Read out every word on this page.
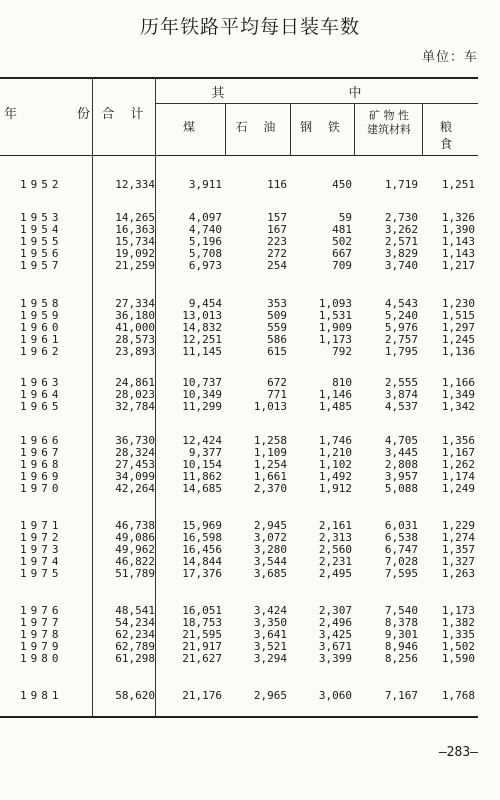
历年铁路平均每日装车数
单位：车
年	份 合 计
其 中
煤	石 油	钢 铁
矿 物 性
建筑材料	粮 食
1952	12,334	3,911	116	450	1,719	1,251
1953	14,265	4,097	157	59	2,730	1,326
1954	16,363	4,740	167	481	3,262	1,390
1955	15,734	5,196	223	502	2,571	1,143
1956	19,092	5,708	272	667	3,829	1,143
1957	21,259	6,973	254	709	3,740	1,217
1958	27,334	9,454	353	1,093	4,543	1,230
1959	36,180	13,013	509	1,531	5,240	1,515
1960	41,000	14,832	559	1,909	5,976	1,297
1961	28,573	12,251	586	1,173	2,757	1,245
1962	23,893	11,145	615	792	1,795	1,136
1963	24,861	10,737	672	810	2,555	1,166
1964	28,023	10,349	771	1,146	3,874	1,349
1965	32,784	11,299	1,013	1,485	4,537	1,342
1966	36,730	12,424	1,258	1,746	4,705	1,356
1967	28,324	9,377	1,109	1,210	3,445	1,167
1968	27,453	10,154	1,254	1,102	2,808	1,262
1969	34,099	11,862	1,661	1,492	3,957	1,174
1970	42,264	14,685	2,370	1,912	5,088	1,249
1971	46,738	15,969	2,945	2,161	6,031	1,229
1972	49,086	16,598	3,072	2,313	6,538	1,274
1973	49,962	16,456	3,280	2,560	6,747	1,357
1974	46,822	14,844	3,544	2,231	7,028	1,327
1975	51,789	17,376	3,685	2,495	7,595	1,263
1976	48,541	16,051	3,424	2,307	7,540	1,173
1977	54,234	18,753	3,350	2,496	8,378	1,382
1978	62,234	21,595	3,641	3,425	9,301	1,335
1979	62,789	21,917	3,521	3,671	8,946	1,502
1980	61,298	21,627	3,294	3,399	8,256	1,590
1981	58,620	21,176	2,965	3,060	7,167	1,768
—283—
